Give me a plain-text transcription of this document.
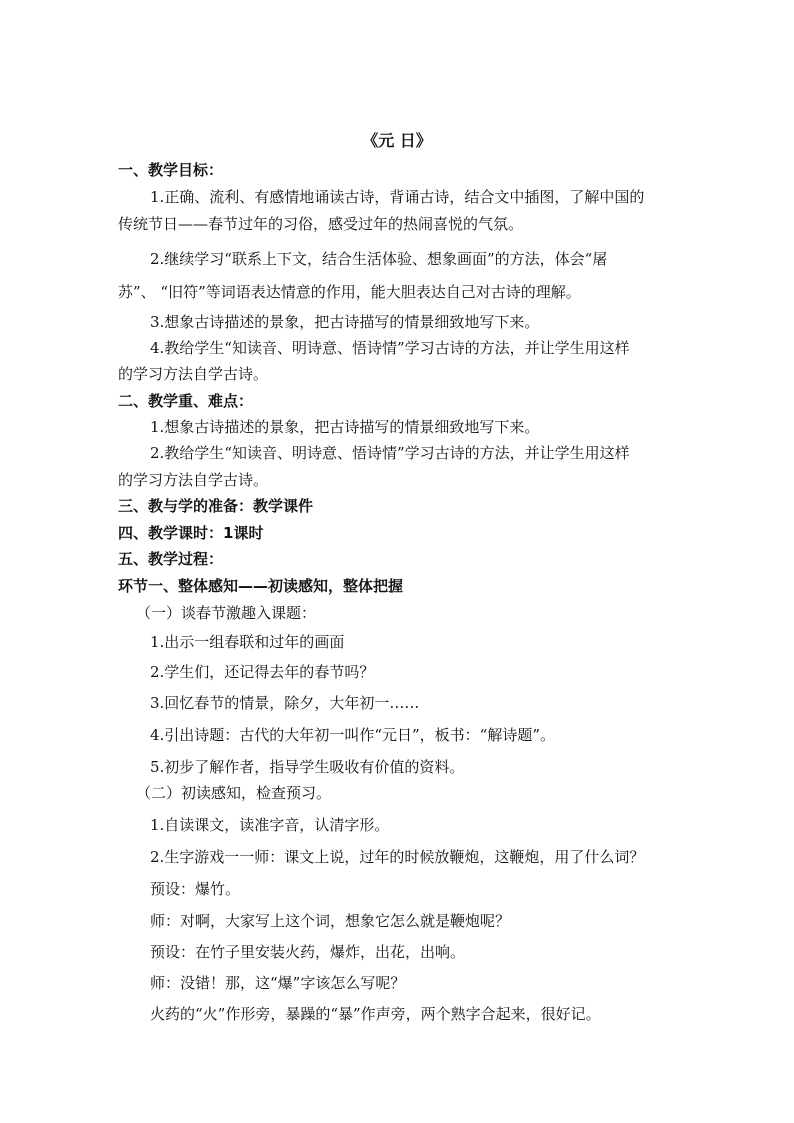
《元 日》
一、教学目标：
1.正确、流利、有感情地诵读古诗，背诵古诗，结合文中插图，了解中国的
传统节日——春节过年的习俗，感受过年的热闹喜悦的气氛。
2.继续学习“联系上下文，结合生活体验、想象画面”的方法，体会“屠
苏”、 “旧符”等词语表达情意的作用，能大胆表达自己对古诗的理解。
3.想象古诗描述的景象，把古诗描写的情景细致地写下来。
4.教给学生“知读音、明诗意、悟诗情”学习古诗的方法，并让学生用这样
的学习方法自学古诗。
二、教学重、难点：
1.想象古诗描述的景象，把古诗描写的情景细致地写下来。
2.教给学生“知读音、明诗意、悟诗情”学习古诗的方法，并让学生用这样
的学习方法自学古诗。
三、教与学的准备：教学课件
四、教学课时：1课时
五、教学过程：
环节一、整体感知——初读感知，整体把握
（一）谈春节激趣入课题：
1.出示一组春联和过年的画面
2.学生们，还记得去年的春节吗？
3.回忆春节的情景，除夕，大年初一……
4.引出诗题：古代的大年初一叫作“元日”，板书：“解诗题”。
5.初步了解作者，指导学生吸收有价值的资料。
（二）初读感知，检查预习。
1.自读课文，读准字音，认清字形。
2.生字游戏一一师：课文上说，过年的时候放鞭炮，这鞭炮，用了什么词？
预设：爆竹。
师：对啊，大家写上这个词，想象它怎么就是鞭炮呢？
预设：在竹子里安装火药，爆炸，出花，出响。
师：没错！那，这“爆”字该怎么写呢？
火药的“火”作形旁，暴躁的“暴”作声旁，两个熟字合起来，很好记。
